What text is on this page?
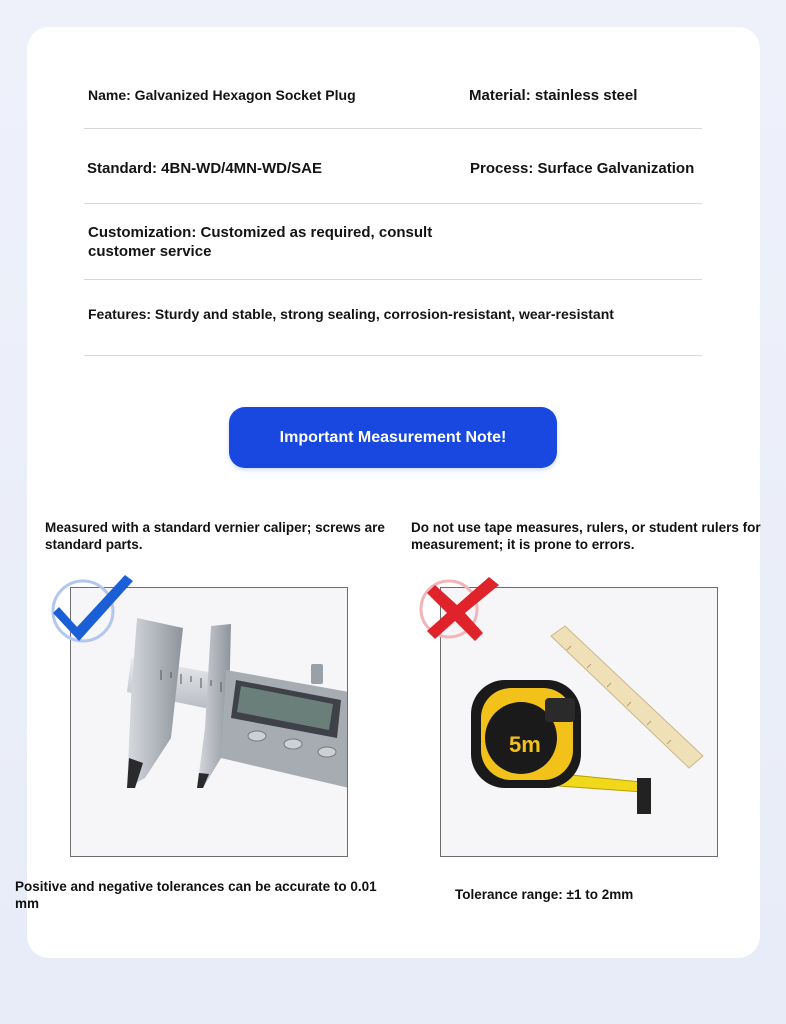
Name: Galvanized Hexagon Socket Plug	Material: stainless steel
Standard: 4BN-WD/4MN-WD/SAE	Process: Surface Galvanization
Customization: Customized as required, consult customer service
Features: Sturdy and stable, strong sealing, corrosion-resistant, wear-resistant
Important Measurement Note!
Measured with a standard vernier caliper; screws are standard parts.
Do not use tape measures, rulers, or student rulers for measurement; it is prone to errors.
5m
Positive and negative tolerances can be accurate to 0.01 mm
Tolerance range: ±1 to 2mm
